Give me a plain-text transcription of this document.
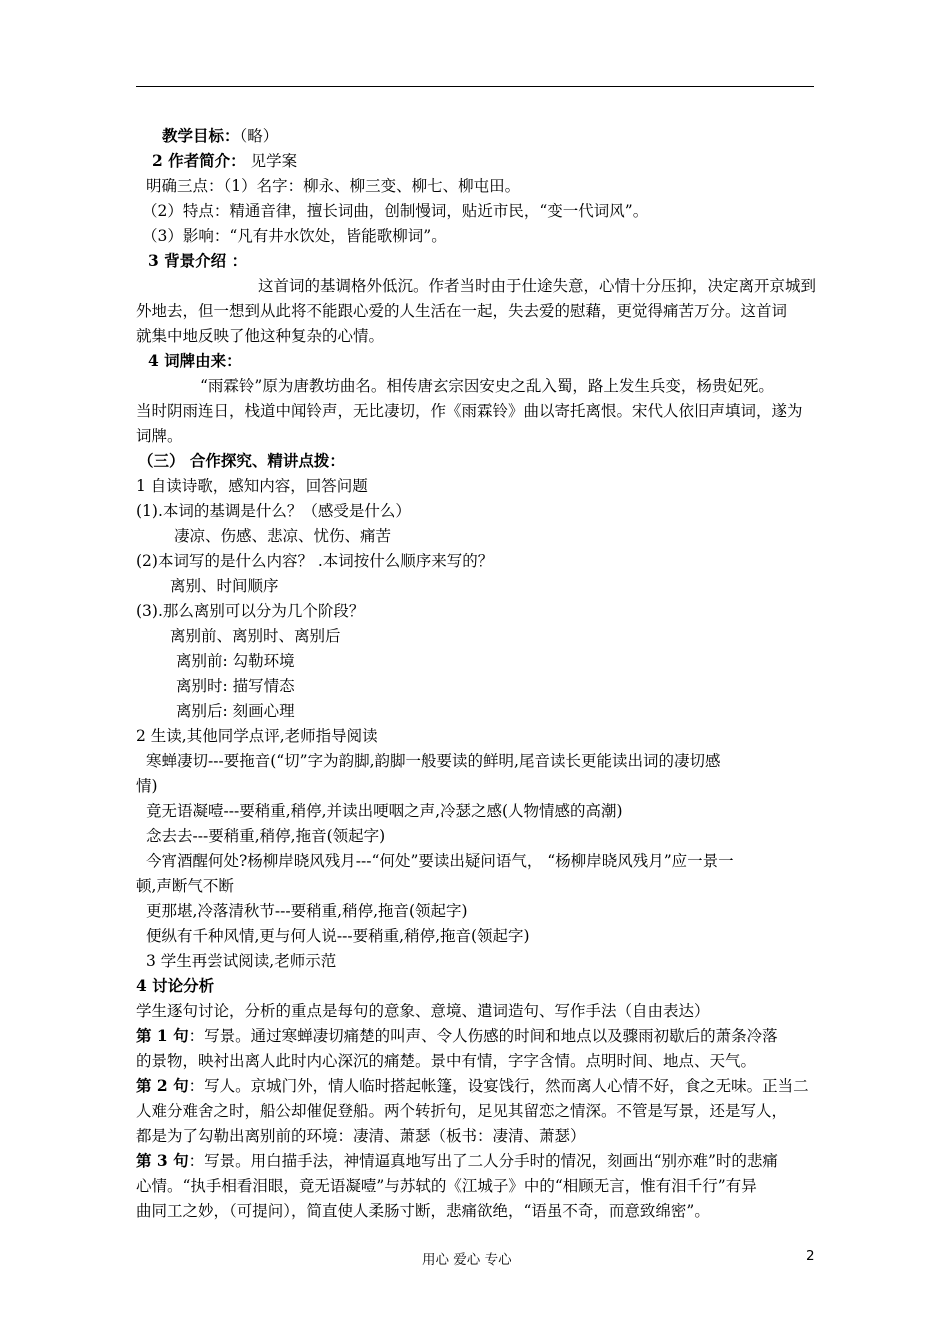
教学目标：（略）
2 作者简介： 见学案
明确三点：（1）名字：柳永、柳三变、柳七、柳屯田。
（2）特点：精通音律，擅长词曲，创制慢词，贴近市民，“变一代词风”。
（3）影响：“凡有井水饮处，皆能歌柳词”。
3 背景介绍 ：
这首词的基调格外低沉。作者当时由于仕途失意，心情十分压抑，决定离开京城到
外地去，但一想到从此将不能跟心爱的人生活在一起，失去爱的慰藉，更觉得痛苦万分。这首词
就集中地反映了他这种复杂的心情。
4 词牌由来：
“雨霖铃”原为唐教坊曲名。相传唐玄宗因安史之乱入蜀，路上发生兵变，杨贵妃死。
当时阴雨连日，栈道中闻铃声，无比凄切，作《雨霖铃》曲以寄托离恨。宋代人依旧声填词，遂为
词牌。
（三） 合作探究、精讲点拨：
1 自读诗歌，感知内容，回答问题
(1).本词的基调是什么？（感受是什么）
凄凉、伤感、悲凉、忧伤、痛苦
(2)本词写的是什么内容？ .本词按什么顺序来写的？
离别、时间顺序
(3).那么离别可以分为几个阶段？
离别前、离别时、离别后
离别前: 勾勒环境
离别时: 描写情态
离别后: 刻画心理
2 生读,其他同学点评,老师指导阅读
寒蝉凄切---要拖音(“切”字为韵脚,韵脚一般要读的鲜明,尾音读长更能读出词的凄切感
情)
竟无语凝噎---要稍重,稍停,并读出哽咽之声,冷瑟之感(人物情感的高潮)
念去去---要稍重,稍停,拖音(领起字)
今宵酒醒何处?杨柳岸晓风残月---“何处”要读出疑问语气， “杨柳岸晓风残月”应一景一
顿,声断气不断
更那堪,冷落清秋节---要稍重,稍停,拖音(领起字)
便纵有千种风情,更与何人说---要稍重,稍停,拖音(领起字)
3 学生再尝试阅读,老师示范
4 讨论分析
学生逐句讨论，分析的重点是每句的意象、意境、遣词造句、写作手法（自由表达）
第 1 句：写景。通过寒蝉凄切痛楚的叫声、令人伤感的时间和地点以及骤雨初歇后的萧条冷落
的景物，映衬出离人此时内心深沉的痛楚。景中有情，字字含情。点明时间、地点、天气。
第 2 句：写人。京城门外，情人临时搭起帐篷，设宴饯行，然而离人心情不好，食之无味。正当二
人难分难舍之时，船公却催促登船。两个转折句，足见其留恋之情深。不管是写景，还是写人，
都是为了勾勒出离别前的环境：凄清、萧瑟（板书：凄清、萧瑟）
第 3 句：写景。用白描手法，神情逼真地写出了二人分手时的情况，刻画出“别亦难”时的悲痛
心情。“执手相看泪眼，竟无语凝噎”与苏轼的《江城子》中的“相顾无言，惟有泪千行”有异
曲同工之妙，（可提问），简直使人柔肠寸断，悲痛欲绝，“语虽不奇，而意致绵密”。
用心 爱心 专心	2
